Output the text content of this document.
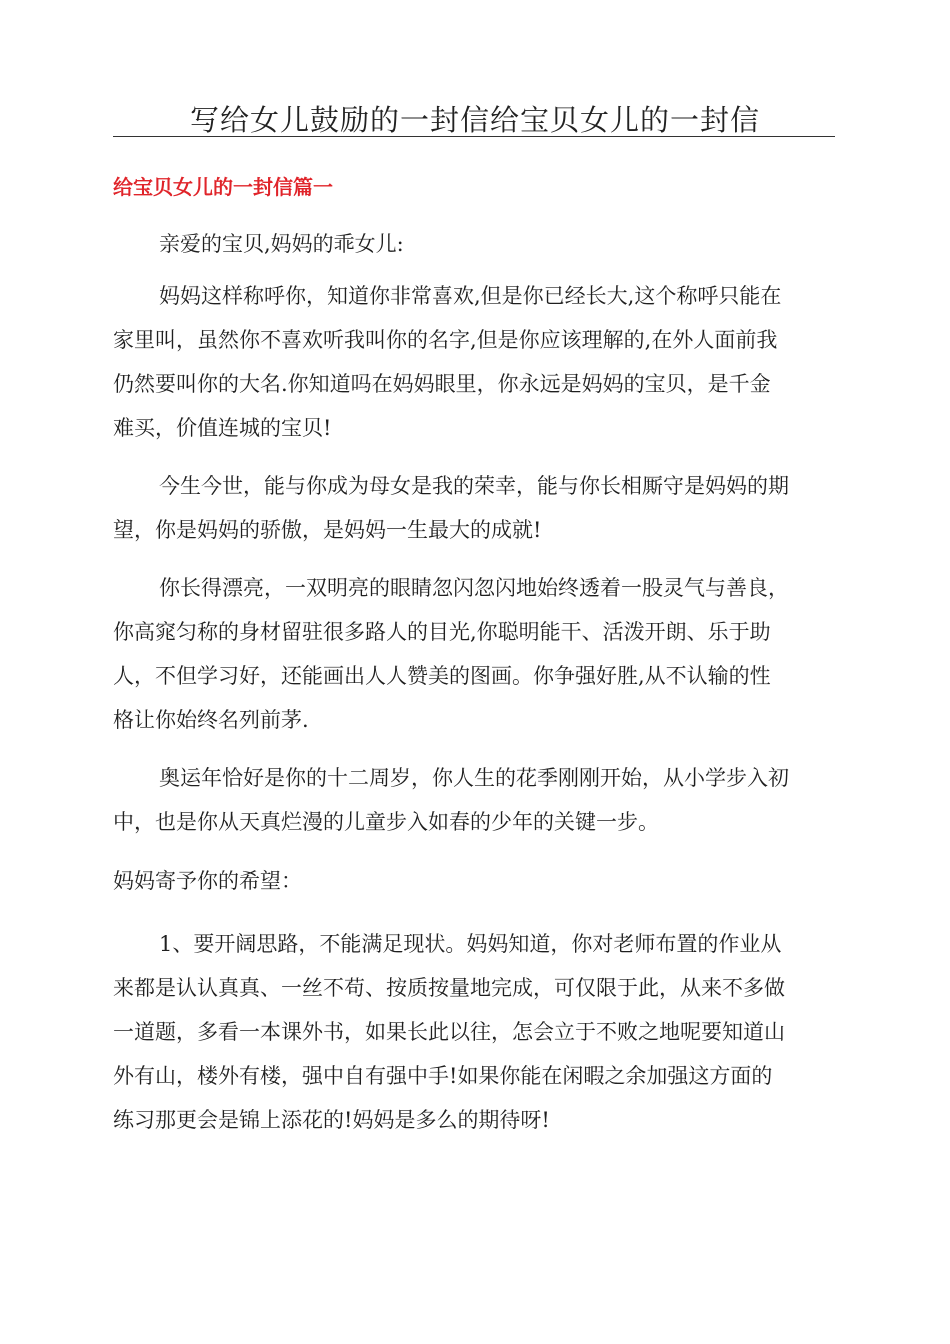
写给女儿鼓励的一封信给宝贝女儿的一封信
给宝贝女儿的一封信篇一
亲爱的宝贝,妈妈的乖女儿:
妈妈这样称呼你，知道你非常喜欢,但是你已经长大,这个称呼只能在
家里叫，虽然你不喜欢听我叫你的名字,但是你应该理解的,在外人面前我
仍然要叫你的大名.你知道吗在妈妈眼里，你永远是妈妈的宝贝，是千金
难买，价值连城的宝贝!
今生今世，能与你成为母女是我的荣幸，能与你长相厮守是妈妈的期
望，你是妈妈的骄傲，是妈妈一生最大的成就!
你长得漂亮，一双明亮的眼睛忽闪忽闪地始终透着一股灵气与善良，
你高窕匀称的身材留驻很多路人的目光,你聪明能干、活泼开朗、乐于助
人，不但学习好，还能画出人人赞美的图画。你争强好胜,从不认输的性
格让你始终名列前茅.
奥运年恰好是你的十二周岁，你人生的花季刚刚开始，从小学步入初
中，也是你从天真烂漫的儿童步入如春的少年的关键一步。
妈妈寄予你的希望：
1、要开阔思路，不能满足现状。妈妈知道，你对老师布置的作业从
来都是认认真真、一丝不苟、按质按量地完成，可仅限于此，从来不多做
一道题，多看一本课外书，如果长此以往，怎会立于不败之地呢要知道山
外有山，楼外有楼，强中自有强中手!如果你能在闲暇之余加强这方面的
练习那更会是锦上添花的!妈妈是多么的期待呀!
